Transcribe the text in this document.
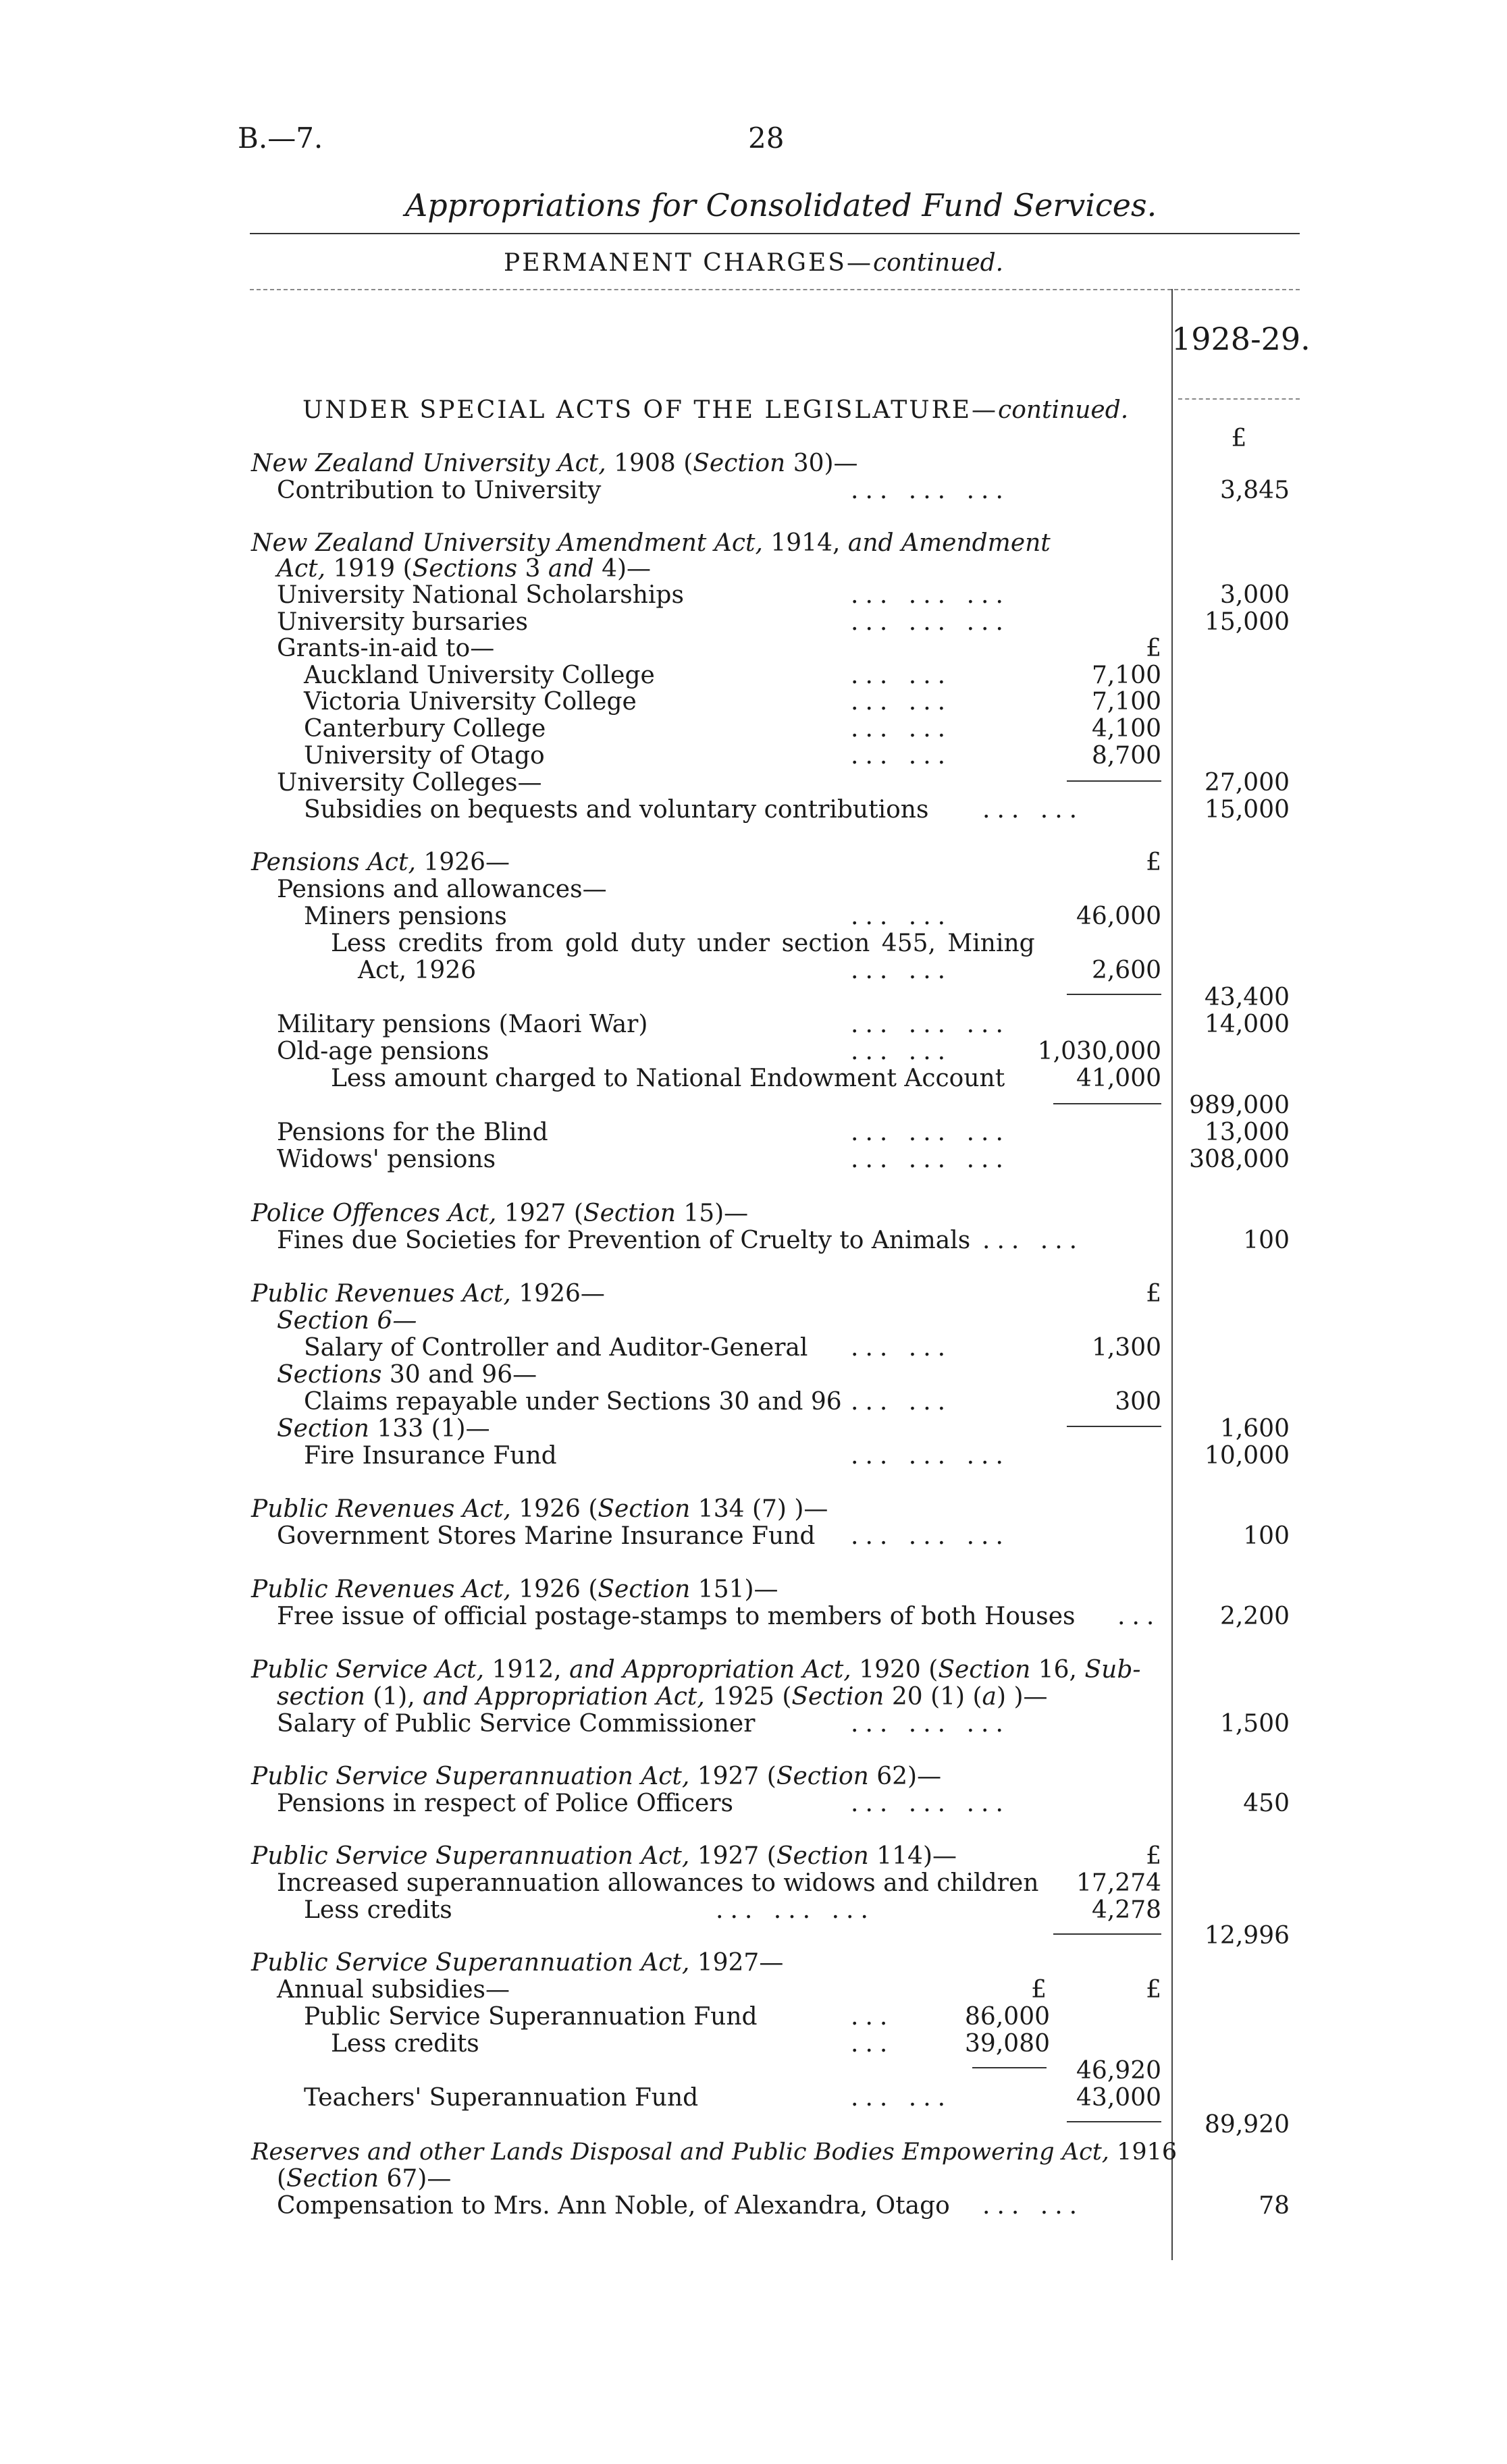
B.—7.	28
Appropriations for Consolidated Fund Services.
PERMANENT CHARGES—continued.
1928-29.
£
UNDER SPECIAL ACTS OF THE LEGISLATURE—continued.
New Zealand University Act, 1908 (Section 30)—
Contribution to University	... ... ...	3,845
New Zealand University Amendment Act, 1914, and Amendment
Act, 1919 (Sections 3 and 4)—
University National Scholarships	... ... ...	3,000
University bursaries	... ... ...	15,000
Grants-in-aid to—	£
Auckland University College	... ...	7,100
Victoria University College	... ...	7,100
Canterbury College	... ...	4,100
University of Otago	... ...	8,700
University Colleges—	27,000
Subsidies on bequests and voluntary contributions ... ...	15,000
Pensions Act, 1926—	£
Pensions and allowances—
Miners pensions	... ...	46,000
Less credits from gold duty under section 455, Mining
Act, 1926	... ...	2,600
43,400
Military pensions (Maori War)	... ... ...	14,000
Old-age pensions	... ...	1,030,000
Less amount charged to National Endowment Account	41,000
989,000
Pensions for the Blind	... ... ...	13,000
Widows' pensions	... ... ...	308,000
Police Offences Act, 1927 (Section 15)—
Fines due Societies for Prevention of Cruelty to Animals ... ...	100
Public Revenues Act, 1926—	£
Section 6—
Salary of Controller and Auditor-General ... ...	1,300
Sections 30 and 96—
Claims repayable under Sections 30 and 96 ... ...	300
Section 133 (1)—	1,600
Fire Insurance Fund	... ... ...	10,000
Public Revenues Act, 1926 (Section 134 (7) )—
Government Stores Marine Insurance Fund ... ... ...	100
Public Revenues Act, 1926 (Section 151)—
Free issue of official postage-stamps to members of both Houses ...	2,200
Public Service Act, 1912, and Appropriation Act, 1920 (Section 16, Sub-
section (1), and Appropriation Act, 1925 (Section 20 (1) (a) )—
Salary of Public Service Commissioner	... ... ...	1,500
Public Service Superannuation Act, 1927 (Section 62)—
Pensions in respect of Police Officers	... ... ...	450
Public Service Superannuation Act, 1927 (Section 114)—	£
Increased superannuation allowances to widows and children	17,274
Less credits	... ... ...	4,278
12,996
Public Service Superannuation Act, 1927—
Annual subsidies—	£	£
Public Service Superannuation Fund	...	86,000
Less credits	...	39,080
46,920
Teachers' Superannuation Fund	... ...	43,000
89,920
Reserves and other Lands Disposal and Public Bodies Empowering Act, 1916
(Section 67)—
Compensation to Mrs. Ann Noble, of Alexandra, Otago ... ...	78
